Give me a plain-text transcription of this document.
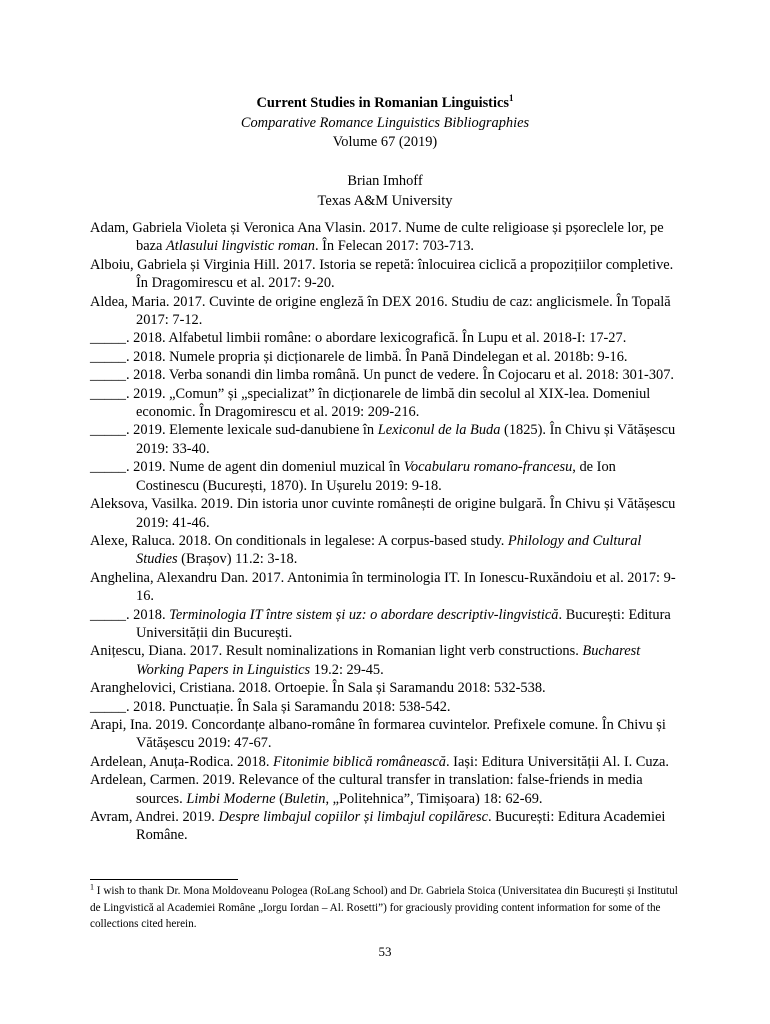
Current Studies in Romanian Linguistics$^1$
Comparative Romance Linguistics Bibliographies
Volume 67 (2019)
Brian Imhoff
Texas A&M University

Adam, Gabriela Violeta și Veronica Ana Vlasin. 2017. Nume de culte religioase și pșoreclele lor, pe baza Atlasului lingvistic roman. În Felecan 2017: 703-713.

Alboiu, Gabriela și Virginia Hill. 2017. Istoria se repetă: înlocuirea ciclică a propozițiilor completive. În Dragomirescu et al. 2017: 9-20.

Aldea, Maria. 2017. Cuvinte de origine engleză în DEX 2016. Studiu de caz: anglicismele. În Topală 2017: 7-12.

_____. 2018. Alfabetul limbii române: o abordare lexicografică. În Lupu et al. 2018-I: 17-27.

_____. 2018. Numele propria și dicționarele de limbă. În Pană Dindelegan et al. 2018b: 9-16.

_____. 2018. Verba sonandi din limba română. Un punct de vedere. În Cojocaru et al. 2018: 301-307.

_____. 2019. „Comun” și „specializat” în dicționarele de limbă din secolul al XIX-lea. Domeniul economic. În Dragomirescu et al. 2019: 209-216.

_____. 2019. Elemente lexicale sud-danubiene în Lexiconul de la Buda (1825). În Chivu și Vătășescu 2019: 33-40.

_____. 2019. Nume de agent din domeniul muzical în Vocabularu romano-francesu, de Ion Costinescu (București, 1870). In Ușurelu 2019: 9-18.

Aleksova, Vasilka. 2019. Din istoria unor cuvinte românești de origine bulgară. În Chivu și Vătășescu 2019: 41-46.

Alexe, Raluca. 2018. On conditionals in legalese: A corpus-based study. Philology and Cultural Studies (Brașov) 11.2: 3-18.

Anghelina, Alexandru Dan. 2017. Antonimia în terminologia IT. In Ionescu-Ruxăndoiu et al. 2017: 9-16.

_____. 2018. Terminologia IT între sistem și uz: o abordare descriptiv-lingvistică. București: Editura Universității din București.

Anițescu, Diana. 2017. Result nominalizations in Romanian light verb constructions. Bucharest Working Papers in Linguistics 19.2: 29-45.

Aranghelovici, Cristiana. 2018. Ortoepie. În Sala și Saramandu 2018: 532-538.

_____. 2018. Punctuație. În Sala și Saramandu 2018: 538-542.

Arapi, Ina. 2019. Concordanțe albano-române în formarea cuvintelor. Prefixele comune. În Chivu și Vătășescu 2019: 47-67.

Ardelean, Anuța-Rodica. 2018. Fitonimie biblică românească. Iași: Editura Universității Al. I. Cuza.

Ardelean, Carmen. 2019. Relevance of the cultural transfer in translation: false-friends in media sources. Limbi Moderne (Buletin, „Politehnica”, Timișoara) 18: 62-69.

Avram, Andrei. 2019. Despre limbajul copiilor și limbajul copilăresc. București: Editura Academiei Române.

$^1$ I wish to thank Dr. Mona Moldoveanu Pologea (RoLang School) and Dr. Gabriela Stoica (Universitatea din București și Institutul de Lingvistică al Academiei Române „Iorgu Iordan – Al. Rosetti”) for graciously providing content information for some of the collections cited herein.
53
